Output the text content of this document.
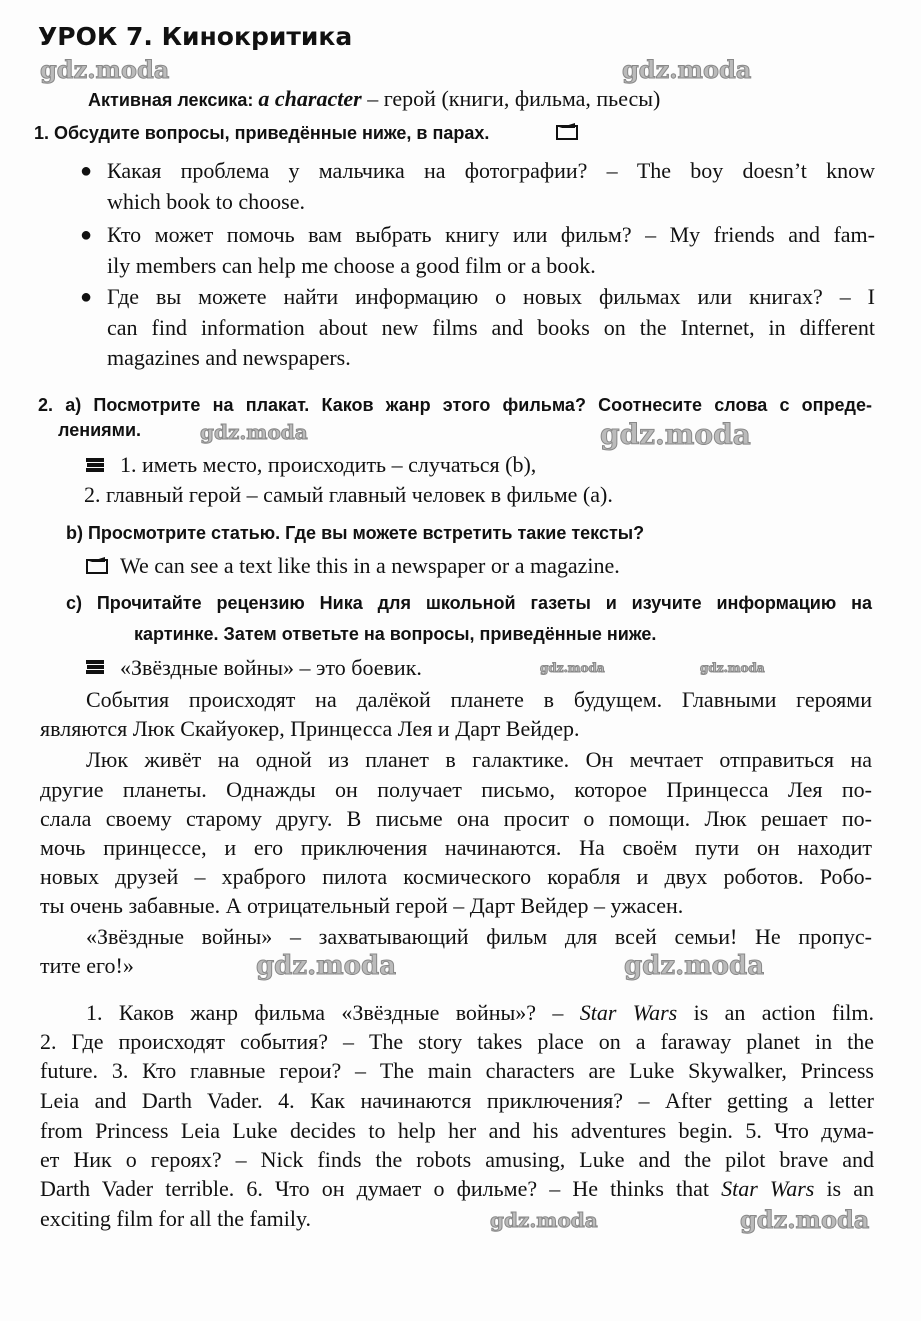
УРОК 7. Кинокритика
gdz.moda	gdz.moda
gdz.moda	gdz.moda
gdz.moda	gdz.moda
gdz.moda	gdz.moda
gdz.moda	gdz.moda
Активная лексика: a character – герой (книги, фильма, пьесы)
1. Обсудите вопросы, приведённые ниже, в парах.
● Какая проблема у мальчика на фотографии? – The boy doesn’t know
which book to choose.
● Кто может помочь вам выбрать книгу или фильм? – My friends and fam-
ily members can help me choose a good film or a book.
● Где вы можете найти информацию о новых фильмах или книгах? – I
can find information about new films and books on the Internet, in different
magazines and newspapers.
2. a) Посмотрите на плакат. Каков жанр этого фильма? Соотнесите слова с опреде-
лениями.
1. иметь место, происходить – случаться (b),
2. главный герой – самый главный человек в фильме (a).
b) Просмотрите статью. Где вы можете встретить такие тексты?
We can see a text like this in a newspaper or a magazine.
c) Прочитайте рецензию Ника для школьной газеты и изучите информацию на
картинке. Затем ответьте на вопросы, приведённые ниже.
«Звёздные войны» – это боевик.
События происходят на далёкой планете в будущем. Главными героями
являются Люк Скайуокер, Принцесса Лея и Дарт Вейдер.
Люк живёт на одной из планет в галактике. Он мечтает отправиться на
другие планеты. Однажды он получает письмо, которое Принцесса Лея по-
слала своему старому другу. В письме она просит о помощи. Люк решает по-
мочь принцессе, и его приключения начинаются. На своём пути он находит
новых друзей – храброго пилота космического корабля и двух роботов. Робо-
ты очень забавные. А отрицательный герой – Дарт Вейдер – ужасен.
«Звёздные войны» – захватывающий фильм для всей семьи! Не пропус-
тите его!»
1. Каков жанр фильма «Звёздные войны»? – Star Wars is an action film.
2. Где происходят события? – The story takes place on a faraway planet in the
future. 3. Кто главные герои? – The main characters are Luke Skywalker, Princess
Leia and Darth Vader. 4. Как начинаются приключения? – After getting a letter
from Princess Leia Luke decides to help her and his adventures begin. 5. Что дума-
ет Ник о героях? – Nick finds the robots amusing, Luke and the pilot brave and
Darth Vader terrible. 6. Что он думает о фильме? – He thinks that Star Wars is an
exciting film for all the family.
